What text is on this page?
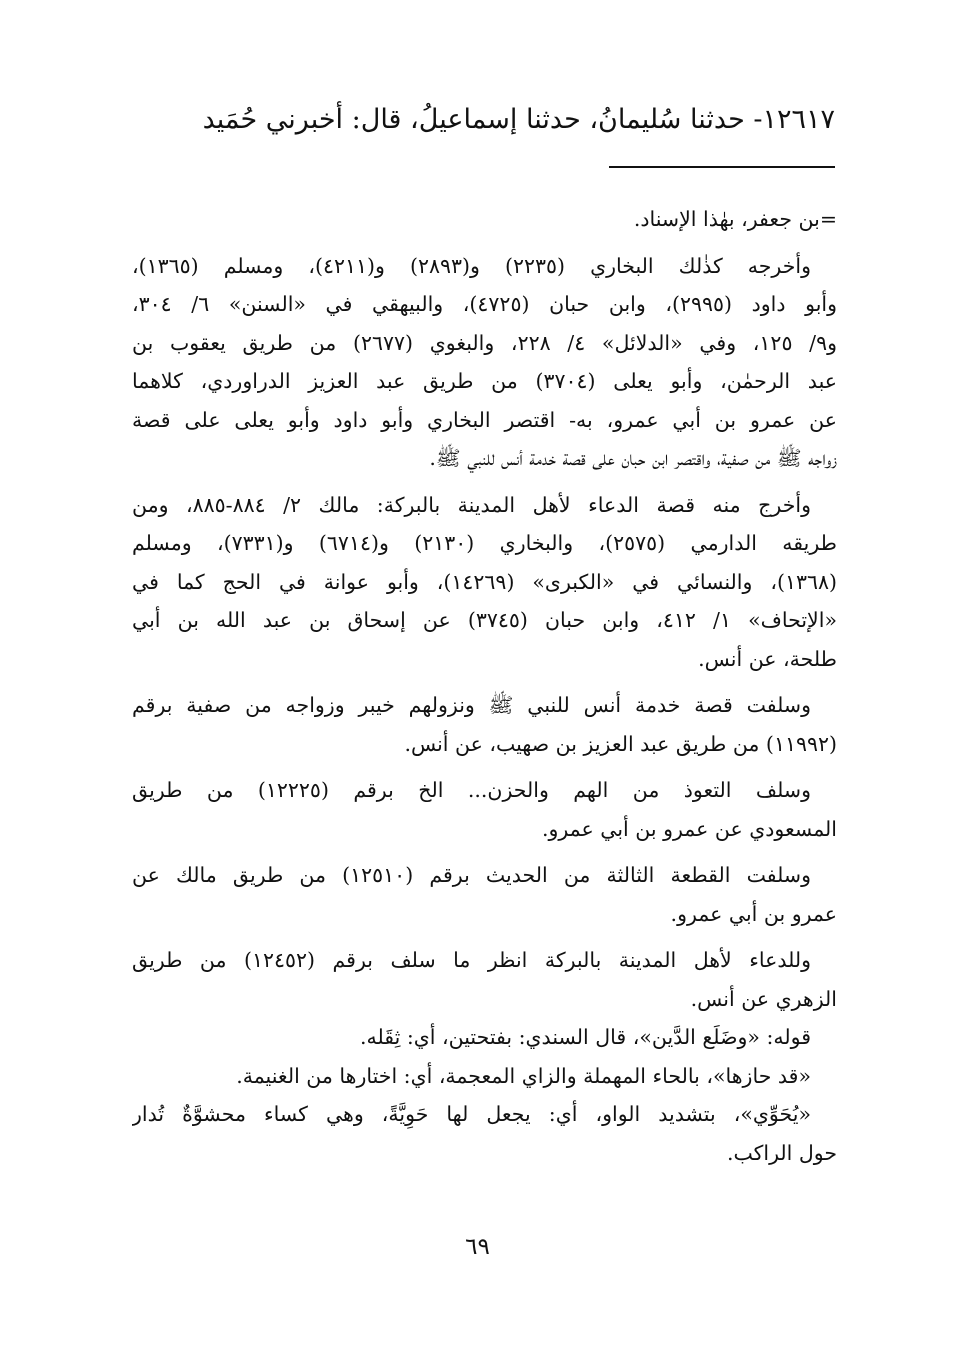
١٢٦١٧- حدثنا سُليمانُ، حدثنا إسماعيلُ، قال: أخبرني حُمَيد
=بن جعفر، بهٰذا الإسناد.
وأخرجه كذٰلك البخاري (٢٢٣٥) و(٢٨٩٣) و(٤٢١١)، ومسلم (١٣٦٥)،
وأبو داود (٢٩٩٥)، وابن حبان (٤٧٢٥)، والبيهقي في «السنن» ٦/ ٣٠٤،
و٩/ ١٢٥، وفي «الدلائل» ٤/ ٢٢٨، والبغوي (٢٦٧٧) من طريق يعقوب بن
عبد الرحمٰن، وأبو يعلى (٣٧٠٤) من طريق عبد العزيز الدراوردي، كلاهما
عن عمرو بن أبي عمرو، به- اقتصر البخاري وأبو داود وأبو يعلى على قصة
زواجه ﷺ من صفية، واقتصر ابن حبان على قصة خدمة أنس للنبي ﷺ.
وأخرج منه قصة الدعاء لأهل المدينة بالبركة: مالك ٢/ ٨٨٤-٨٨٥، ومن
طريقه الدارمي (٢٥٧٥)، والبخاري (٢١٣٠) و(٦٧١٤) و(٧٣٣١)، ومسلم
(١٣٦٨)، والنسائي في «الكبرى» (١٤٢٦٩)، وأبو عوانة في الحج كما في
«الإتحاف» ١/ ٤١٢، وابن حبان (٣٧٤٥) عن إسحاق بن عبد الله بن أبي
طلحة، عن أنس.
وسلفت قصة خدمة أنس للنبي ﷺ ونزولهم خيبر وزواجه من صفية برقم
(١١٩٩٢) من طريق عبد العزيز بن صهيب، عن أنس.
وسلف التعوذ من الهم والحزن... الخ برقم (١٢٢٢٥) من طريق
المسعودي عن عمرو بن أبي عمرو.
وسلفت القطعة الثالثة من الحديث برقم (١٢٥١٠) من طريق مالك عن
عمرو بن أبي عمرو.
وللدعاء لأهل المدينة بالبركة انظر ما سلف برقم (١٢٤٥٢) من طريق
الزهري عن أنس.
قوله: «وضَلَع الدَّين»، قال السندي: بفتحتين، أي: ثِقَله.
«قد حازها»، بالحاء المهملة والزاي المعجمة، أي: اختارها من الغنيمة.
«يُحَوِّي»، بتشديد الواو، أي: يجعل لها حَوِيَّةً، وهي كساء محشوَّةٌ تُدار
حول الراكب.
٦٩
